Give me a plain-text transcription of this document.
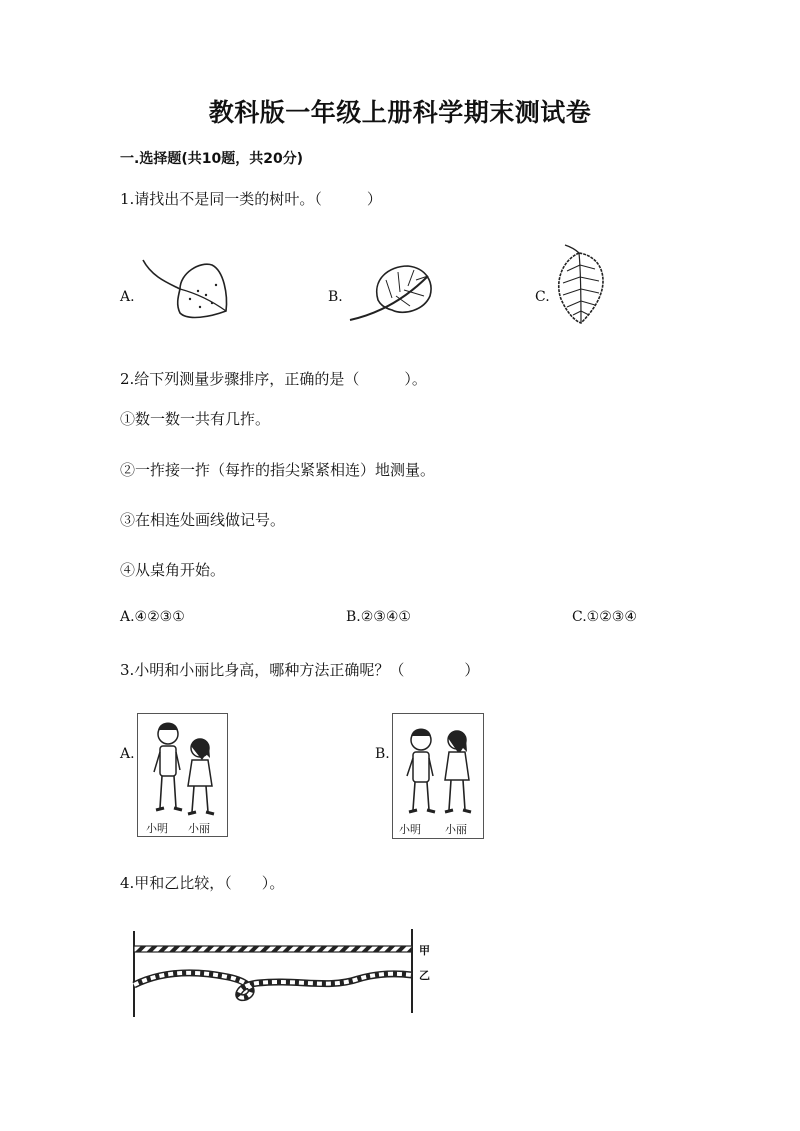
教科版一年级上册科学期末测试卷
一.选择题(共10题，共20分)
1.请找出不是同一类的树叶。（　　　）
A.	B.	C.
2.给下列测量步骤排序，正确的是（　　　）。
①数一数一共有几拃。
②一拃接一拃（每拃的指尖紧紧相连）地测量。
③在相连处画线做记号。
④从桌角开始。
A.④②③①	B.②③④①	C.①②③④
3.小明和小丽比身高，哪种方法正确呢？（　　　　）
A.
小明 小丽
B.
小明 小丽
4.甲和乙比较，（　　）。
甲
乙
